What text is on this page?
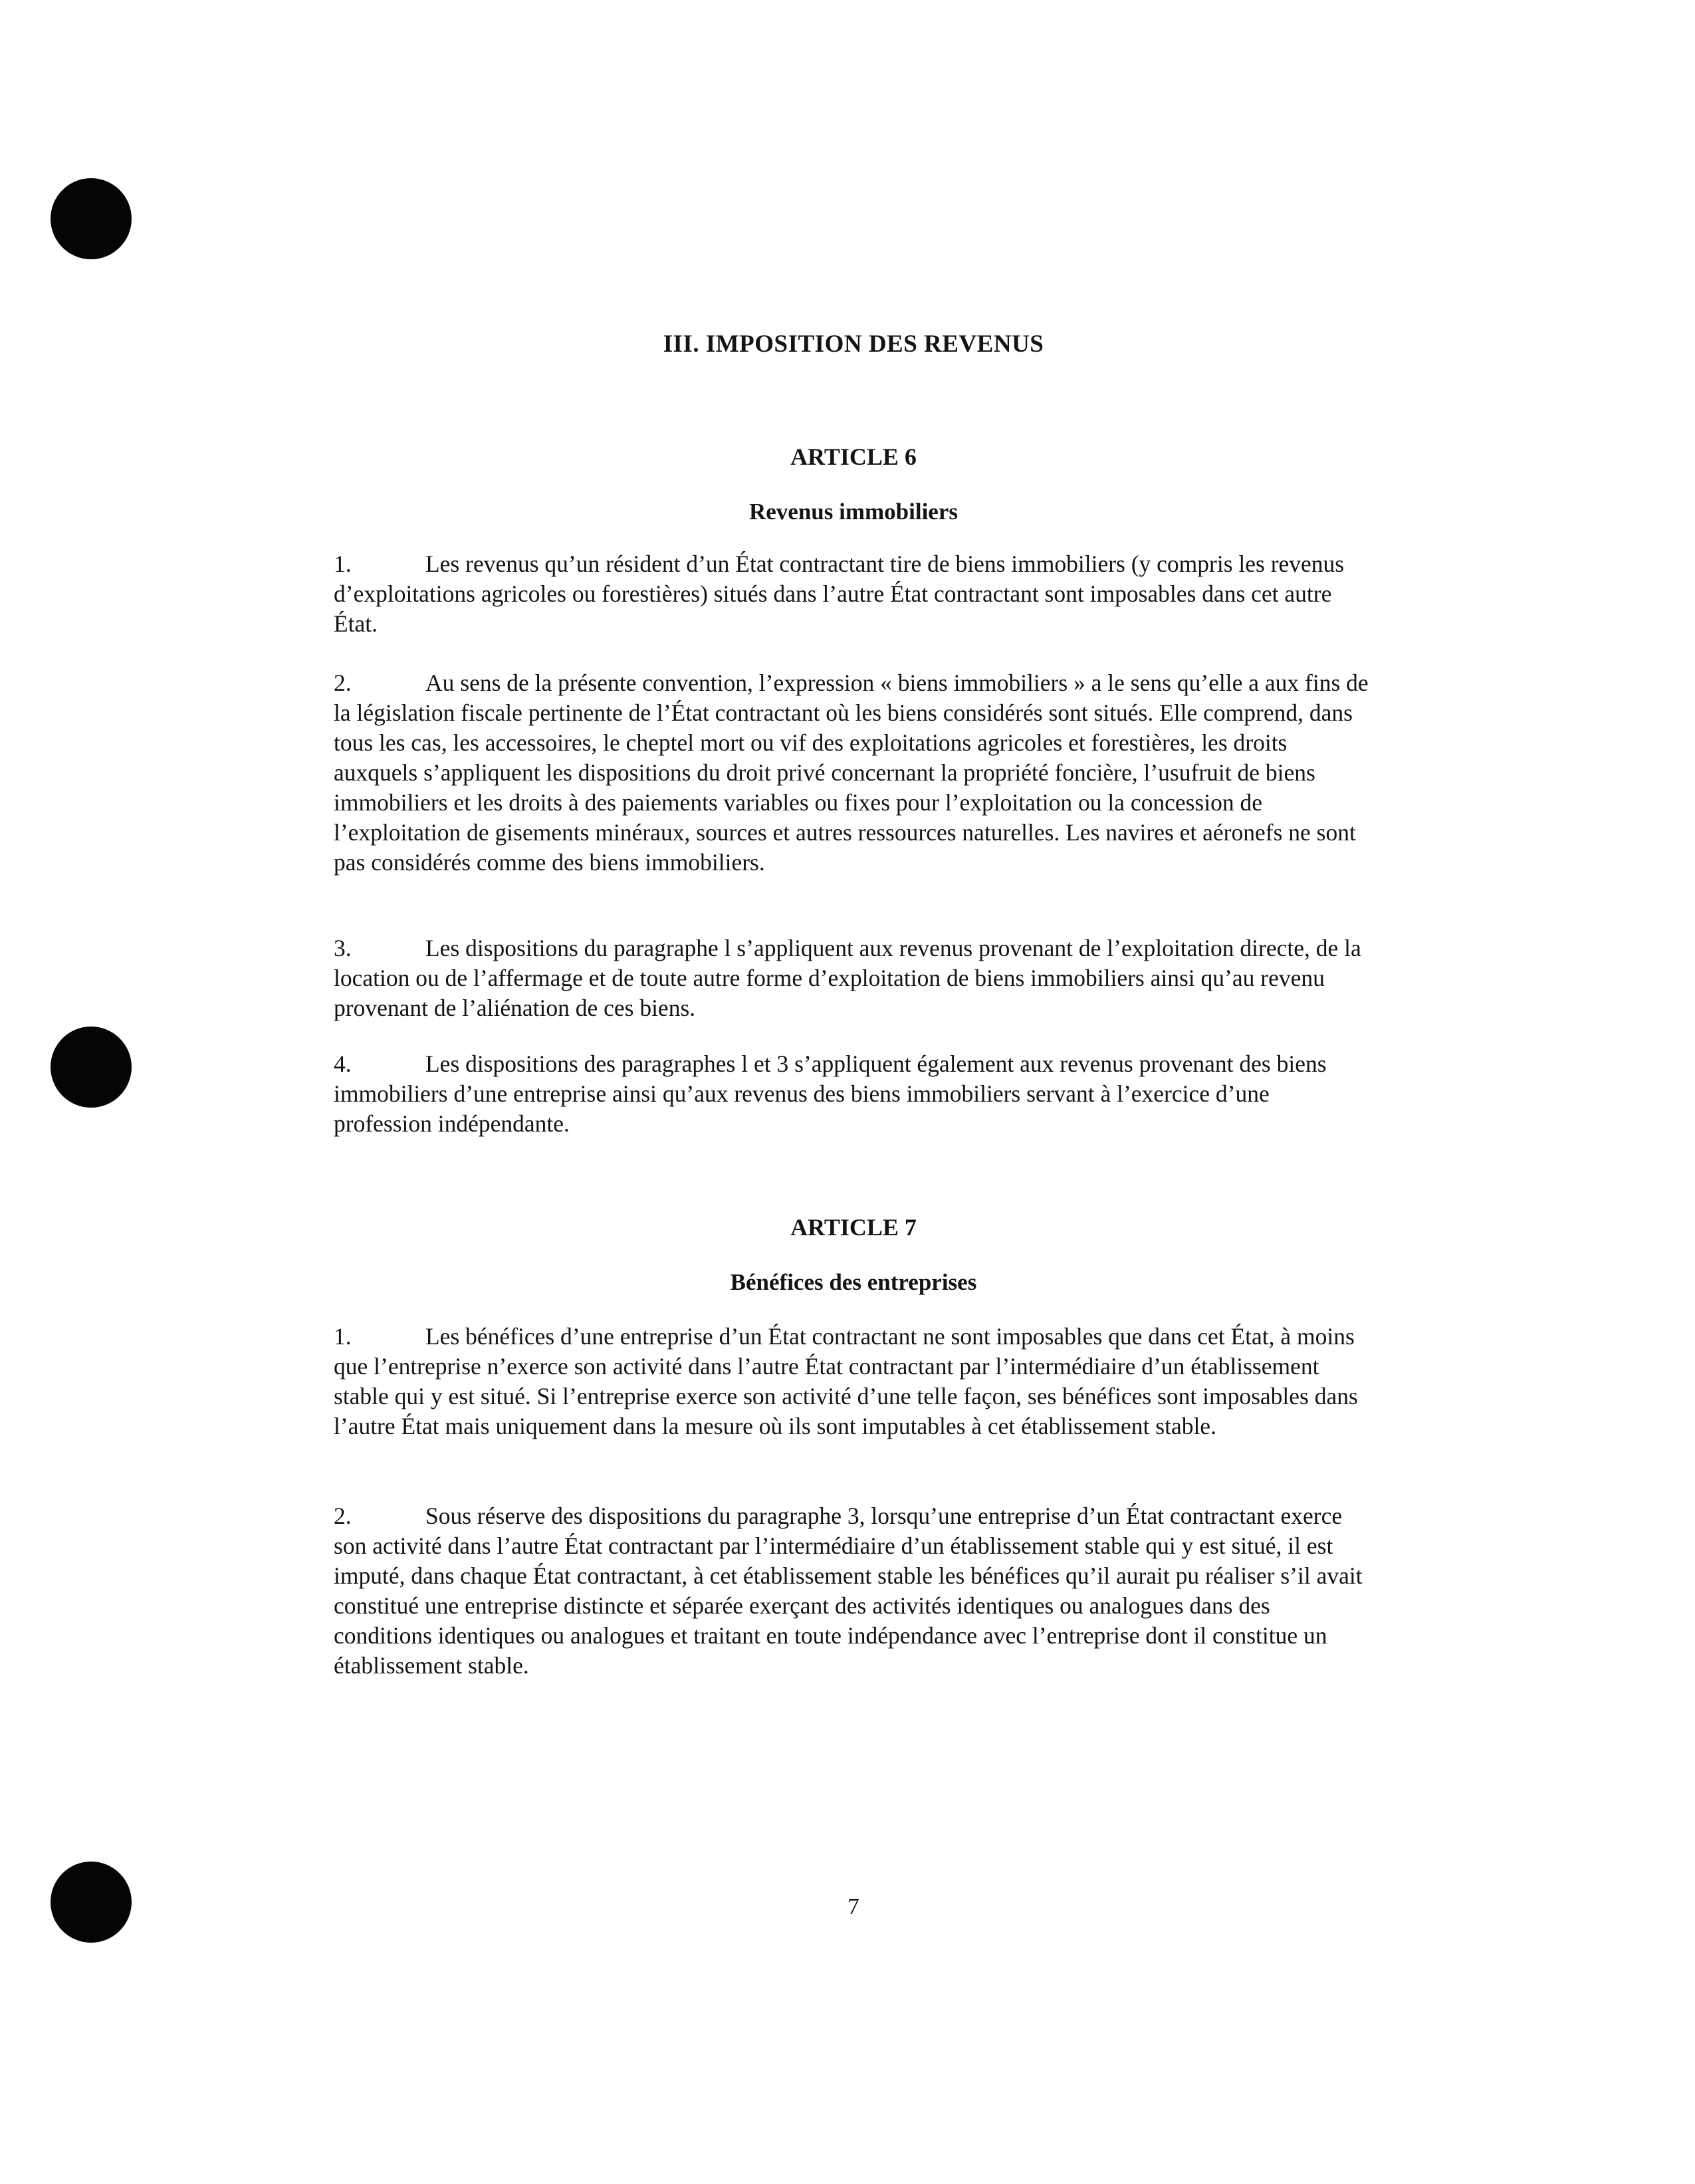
III. IMPOSITION DES REVENUS
ARTICLE 6
Revenus immobiliers
1.	Les revenus qu’un résident d’un État contractant tire de biens immobiliers (y compris les revenus d’exploitations agricoles ou forestières) situés dans l’autre État contractant sont imposables dans cet autre État.
2.	Au sens de la présente convention, l’expression « biens immobiliers » a le sens qu’elle a aux fins de la législation fiscale pertinente de l’État contractant où les biens considérés sont situés. Elle comprend, dans tous les cas, les accessoires, le cheptel mort ou vif des exploitations agricoles et forestières, les droits auxquels s’appliquent les dispositions du droit privé concernant la propriété foncière, l’usufruit de biens immobiliers et les droits à des paiements variables ou fixes pour l’exploitation ou la concession de l’exploitation de gisements minéraux, sources et autres ressources naturelles. Les navires et aéronefs ne sont pas considérés comme des biens immobiliers.
3.	Les dispositions du paragraphe l s’appliquent aux revenus provenant de l’exploitation directe, de la location ou de l’affermage et de toute autre forme d’exploitation de biens immobiliers ainsi qu’au revenu provenant de l’aliénation de ces biens.
4.	Les dispositions des paragraphes l et 3 s’appliquent également aux revenus provenant des biens immobiliers d’une entreprise ainsi qu’aux revenus des biens immobiliers servant à l’exercice d’une profession indépendante.
ARTICLE 7
Bénéfices des entreprises
1.	Les bénéfices d’une entreprise d’un État contractant ne sont imposables que dans cet État, à moins que l’entreprise n’exerce son activité dans l’autre État contractant par l’intermédiaire d’un établissement stable qui y est situé. Si l’entreprise exerce son activité d’une telle façon, ses bénéfices sont imposables dans l’autre État mais uniquement dans la mesure où ils sont imputables à cet établissement stable.
2.	Sous réserve des dispositions du paragraphe 3, lorsqu’une entreprise d’un État contractant exerce son activité dans l’autre État contractant par l’intermédiaire d’un établissement stable qui y est situé, il est imputé, dans chaque État contractant, à cet établissement stable les bénéfices qu’il aurait pu réaliser s’il avait constitué une entreprise distincte et séparée exerçant des activités identiques ou analogues dans des conditions identiques ou analogues et traitant en toute indépendance avec l’entreprise dont il constitue un établissement stable.
7
